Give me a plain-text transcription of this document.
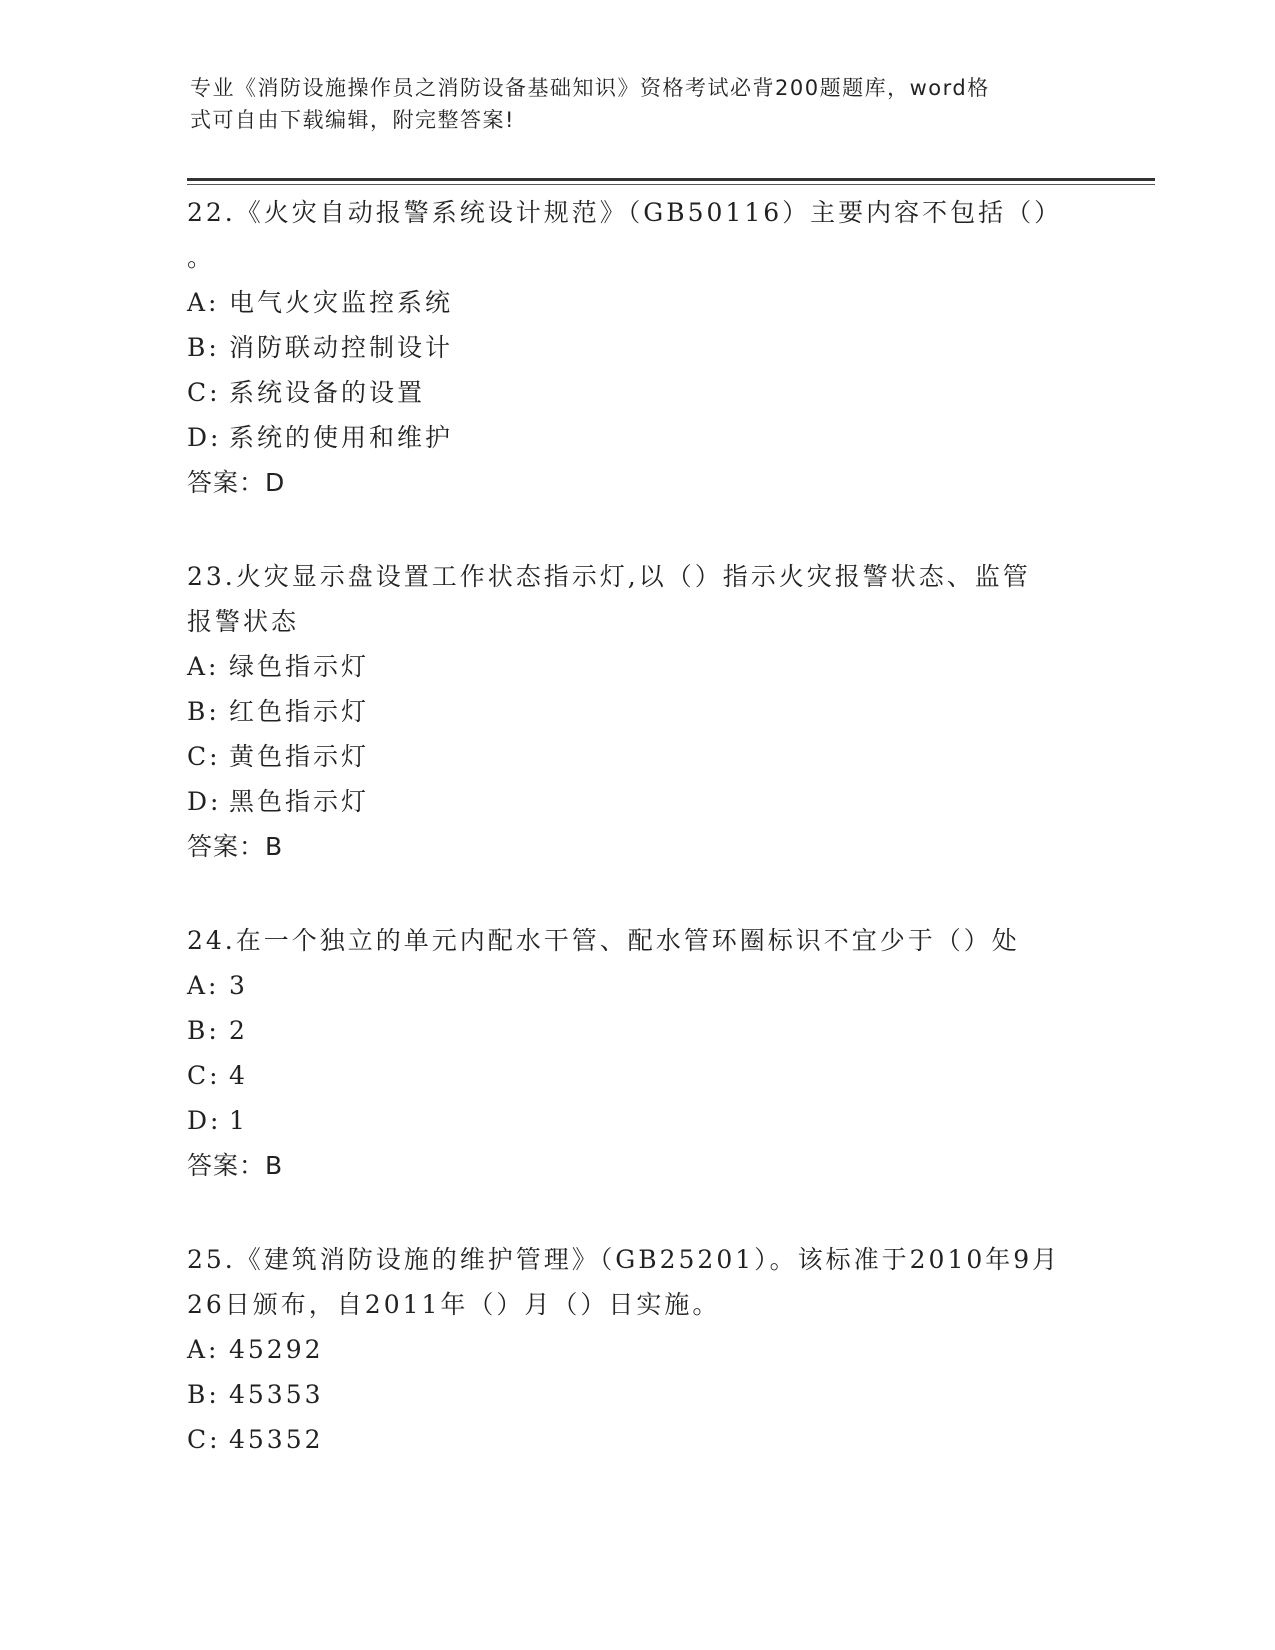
专业《消防设施操作员之消防设备基础知识》资格考试必背200题题库，word格
式可自由下载编辑，附完整答案!

22.《火灾自动报警系统设计规范》（GB50116）主要内容不包括（）

。

A: 电气火灾监控系统

B: 消防联动控制设计

C: 系统设备的设置

D: 系统的使用和维护

答案：D

23.火灾显示盘设置工作状态指示灯,以（）指示火灾报警状态、监管

报警状态

A: 绿色指示灯

B: 红色指示灯

C: 黄色指示灯

D: 黑色指示灯

答案：B

24.在一个独立的单元内配水干管、配水管环圈标识不宜少于（）处

A: 3

B: 2

C: 4

D: 1

答案：B

25.《建筑消防设施的维护管理》（GB25201）。该标准于2010年9月

26日颁布，自2011年（）月（）日实施。

A: 45292

B: 45353

C: 45352
